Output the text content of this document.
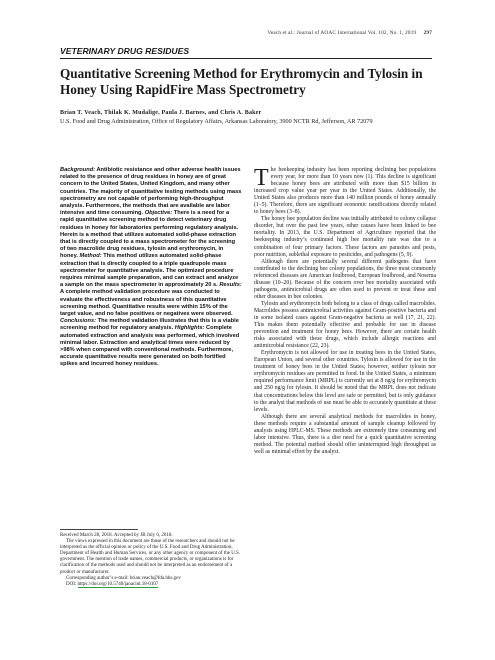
Veach et al.: Journal of AOAC International Vol. 102, No. 1, 2019 297
VETERINARY DRUG RESIDUES
Quantitative Screening Method for Erythromycin and Tylosin in Honey Using RapidFire Mass Spectrometry
Brian T. Veach, Thilak K. Mudalige, Paula J. Barnes, and Chris A. Baker
U.S. Food and Drug Administration, Office of Regulatory Affairs, Arkansas Laboratory, 3900 NCTR Rd, Jefferson, AR 72079
Background: Antibiotic resistance and other adverse health issues related to the presence of drug residues in honey are of great concern to the United States, United Kingdom, and many other countries. The majority of quantitative testing methods using mass spectrometry are not capable of performing high-throughput analysis. Furthermore, the methods that are available are labor intensive and time consuming. Objective: There is a need for a rapid quantitative screening method to detect veterinary drug residues in honey for laboratories performing regulatory analysis. Herein is a method that utilizes automated solid-phase extraction that is directly coupled to a mass spectrometer for the screening of two macrolide drug residues, tylosin and erythromycin, in honey. Method: This method utilizes automated solid-phase extraction that is directly coupled to a triple quadrupole mass spectrometer for quantitative analysis. The optimized procedure requires minimal sample preparation, and can extract and analyze a sample on the mass spectrometer in approximately 20 s. Results: A complete method validation procedure was conducted to evaluate the effectiveness and robustness of this quantitative screening method. Quantitative results were within 15% of the target value, and no false positives or negatives were observed. Conclusions: The method validation illustrates that this is a viable screening method for regulatory analysis. Highlights: Complete automated extraction and analysis was performed, which involved minimal labor. Extraction and analytical times were reduced by >98% when compared with conventional methods. Furthermore, accurate quantitative results were generated on both fortified spikes and incurred honey residues.

Received March 28, 2018. Accepted by JB July 6, 2018.

The views expressed in this document are those of the researchers and should not be interpreted as the official opinion or policy of the U.S. Food and Drug Administration, Department of Health and Human Services, or any other agency or component of the U.S. government. The mention of trade names, commercial products, or organizations is for clarification of the methods used and should not be interpreted as an endorsement of a product or manufacturer.

Corresponding author’s e-mail: brian.veach@fda.hhs.gov

DOI: https://doi.org/10.5740/jaoacint.18-0107

The beekeeping industry has been reporting declining bee populations every year, for more than 10 years now (1). This decline is significant because honey bees are attributed with more than $15 billion in increased crop value year per year in the United States. Additionally, the United States also produces more than 140 million pounds of honey annually (1–5). Therefore, there are significant economic ramifications directly related to honey bees (3–8).

The honey bee population decline was initially attributed to colony collapse disorder, but over the past few years, other causes have been linked to bee mortality. In 2013, the U.S. Department of Agriculture reported that the beekeeping industry’s continued high bee mortality rate was due to a combination of four primary factors. These factors are parasites and pests, poor nutrition, sublethal exposure to pesticides, and pathogens (5, 9).

Although there are potentially several different pathogens that have contributed to the declining bee colony populations, the three most commonly referenced diseases are American foulbrood, European foulbrood, and Nosema disease (10–20). Because of the concern over bee mortality associated with pathogens, antimicrobial drugs are often used to prevent or treat these and other diseases in bee colonies.

Tylosin and erythromycin both belong to a class of drugs called macrolides. Macrolides possess antimicrobial activities against Gram-positive bacteria and in some isolated cases against Gram-negative bacteria as well (17, 21, 22). This makes them potentially effective and probable for use in disease prevention and treatment for honey bees. However, there are certain health risks associated with these drugs, which include allergic reactions and antimicrobial resistance (22, 23).

Erythromycin is not allowed for use in treating bees in the United States, European Union, and several other countries. Tylosin is allowed for use in the treatment of honey bees in the United States; however, neither tylosin nor erythromycin residues are permitted in food. In the United States, a minimum required performance limit (MRPL) is currently set at 8 ng/g for erythromycin and 250 ng/g for tylosin. It should be noted that the MRPL does not indicate that concentrations below this level are safe or permitted, but is only guidance to the analyst that methods of use must be able to accurately quantitate at these levels.

Although there are several analytical methods for macrolides in honey, these methods require a substantial amount of sample cleanup followed by analysis using HPLC-MS. These methods are extremely time consuming and labor intensive. Thus, there is a dire need for a quick quantitative screening method. The potential method should offer uninterrupted high throughput as well as minimal effort by the analyst.
